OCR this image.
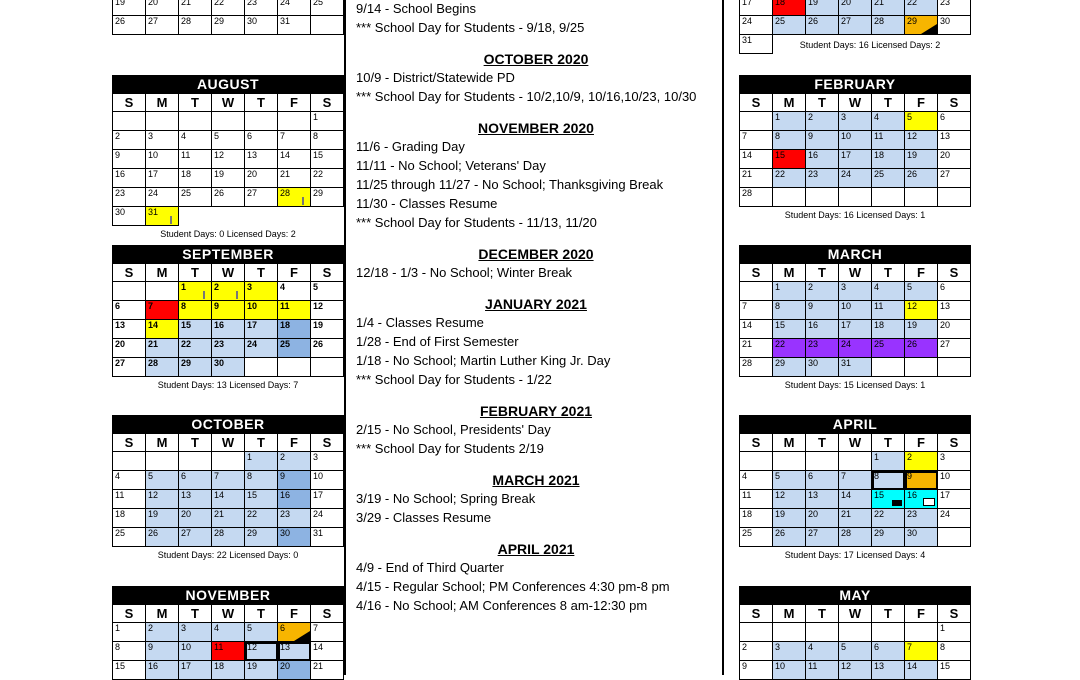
19	20	21	22	23	24	25
26	27	28	29	30	31	
AUGUST
S	M	T	W	T	F	S
						1
2	3	4	5	6	7	8
9	10	11	12	13	14	15
16	17	18	19	20	21	22
23	24	25	26	27	28	29
30	31

Student Days: 0 Licensed Days: 2
SEPTEMBER
S	M	T	W	T	F	S
		1	2	3	4	5
6	7	8	9	10	11	12
13	14	15	16	17	18	19
20	21	22	23	24	25	26
27	28	29	30			
Student Days: 13 Licensed Days: 7
OCTOBER
S	M	T	W	T	F	S
				1	2	3
4	5	6	7	8	9	10
11	12	13	14	15	16	17
18	19	20	21	22	23	24
25	26	27	28	29	30	31
Student Days: 22 Licensed Days: 0
NOVEMBER
S	M	T	W	T	F	S
1	2	3	4	5	6	7
8	9	10	11	12	13	14
15	16	17	18	19	20	21
9/14 - School Begins
*** School Day for Students - 9/18, 9/25
OCTOBER 2020
10/9 - District/Statewide PD
*** School Day for Students - 10/2,10/9, 10/16,10/23, 10/30
NOVEMBER 2020
11/6 - Grading Day
11/11 - No School; Veterans' Day
11/25 through 11/27 - No School; Thanksgiving Break
11/30 - Classes Resume
*** School Day for Students - 11/13, 11/20
DECEMBER 2020
12/18 - 1/3 - No School; Winter Break
JANUARY 2021
1/4 - Classes Resume
1/28 - End of First Semester
1/18 - No School; Martin Luther King Jr. Day
*** School Day for Students - 1/22
FEBRUARY 2021
2/15 - No School, Presidents' Day
*** School Day for Students 2/19
MARCH 2021
3/19 - No School; Spring Break
3/29 - Classes Resume
APRIL 2021
4/9 - End of Third Quarter
4/15 - Regular School; PM Conferences 4:30 pm-8 pm
4/16 - No School; AM Conferences 8 am-12:30 pm
17	18	19	20	21	22	23
24	25	26	27	28	29	30
31							Student Days: 16 Licensed Days: 2
FEBRUARY
S	M	T	W	T	F	S
	1	2	3	4	5	6
7	8	9	10	11	12	13
14	15	16	17	18	19	20
21	22	23	24	25	26	27
28						
Student Days: 16 Licensed Days: 1
MARCH
S	M	T	W	T	F	S
	1	2	3	4	5	6
7	8	9	10	11	12	13
14	15	16	17	18	19	20
21	22	23	24	25	26	27
28	29	30	31			
Student Days: 15 Licensed Days: 1
APRIL
S	M	T	W	T	F	S
				1	2	3
4	5	6	7	8	9	10
11	12	13	14	15	16	17
18	19	20	21	22	23	24
25	26	27	28	29	30	
Student Days: 17 Licensed Days: 4
MAY
S	M	T	W	T	F	S
						1
2	3	4	5	6	7	8
9	10	11	12	13	14	15
